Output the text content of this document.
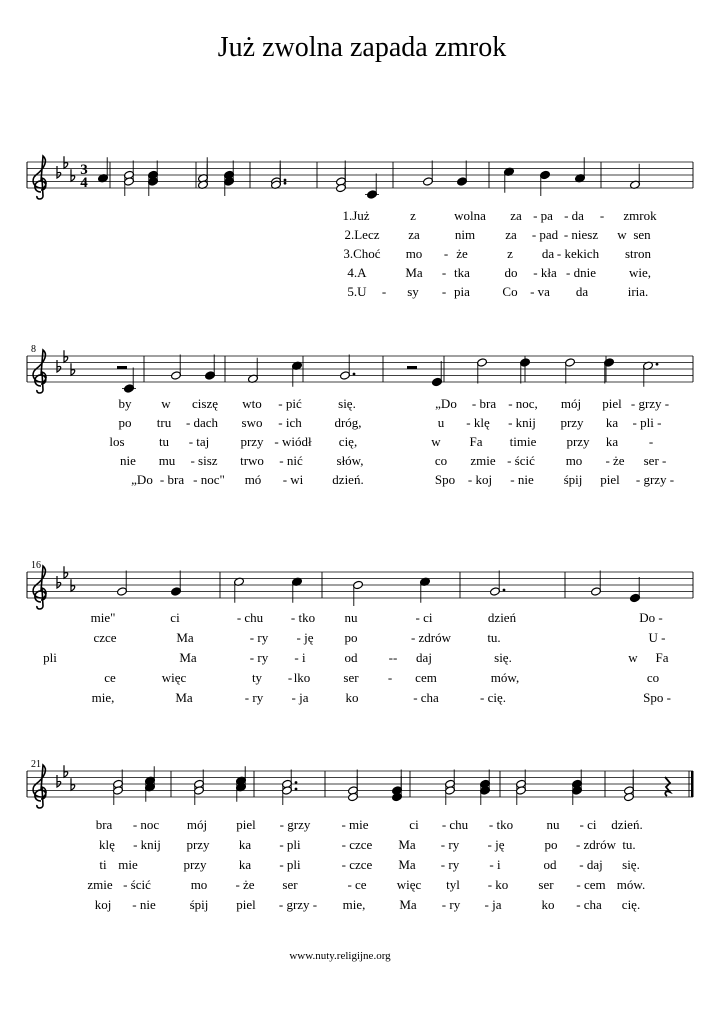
Już zwolna zapada zmrok
3
4
1.Już	z	wolna za - pa - da - zmrok
2.Lecz za	nim za - pad - niesz w sen
3.Choć mo - że	z da - kekich stron
4.A	Ma - tka	do - kła - dnie	wie,
5.U - sy - pia Co - va da	iria.
8
by w ciszę wto - pić	się.	„Do - bra - noc, mój piel - grzy -
po tru - dach swo - ich	dróg,	u - klę - knij przy ka - pli -
los	tu - taj przy - wiódł cię,	w Fa timie przy ka -
nie mu - sisz trwo - nić	słów,	co zmie - ścić mo - że ser -
„Do - bra - noc" mó - wi dzień.	Spo - koj - nie śpij piel - grzy -
16
mie"	ci	- chu - tko nu	- ci	dzień	Do -
czce	Ma	- ry - ję po	- zdrów	tu.	U -
pli	Ma	- ry - i	od -- daj	się.	w Fa
ce	więc	ty - lko	ser - cem	mów,	co
mie,	Ma	- ry - ja	ko	- cha	- cię.	Spo -
21
bra - noc mój piel - grzy - mie	ci - chu - tko	nu - ci dzień.
klę - knij przy ka - pli	- czce Ma - ry - ję	po - zdrów tu.
ti mie	przy ka - pli	- czce Ma - ry - i	od - daj się.
zmie - ścić	mo - że ser	- ce więc tyl - ko ser - cem mów.
koj - nie	śpij piel - grzy - mie,	Ma - ry - ja	ko - cha cię.
www.nuty.religijne.org
